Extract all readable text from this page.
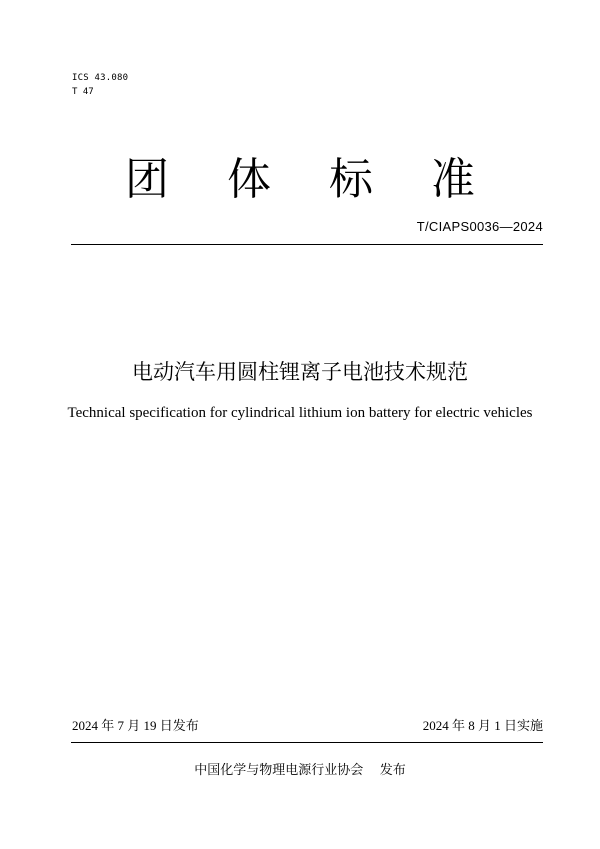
ICS 43.080
T 47
团 体 标 准
T/CIAPS0036—2024
电动汽车用圆柱锂离子电池技术规范
Technical specification for cylindrical lithium ion battery for electric vehicles
2024 年 7 月 19 日发布	2024 年 8 月 1 日实施
中国化学与物理电源行业协会    发布
